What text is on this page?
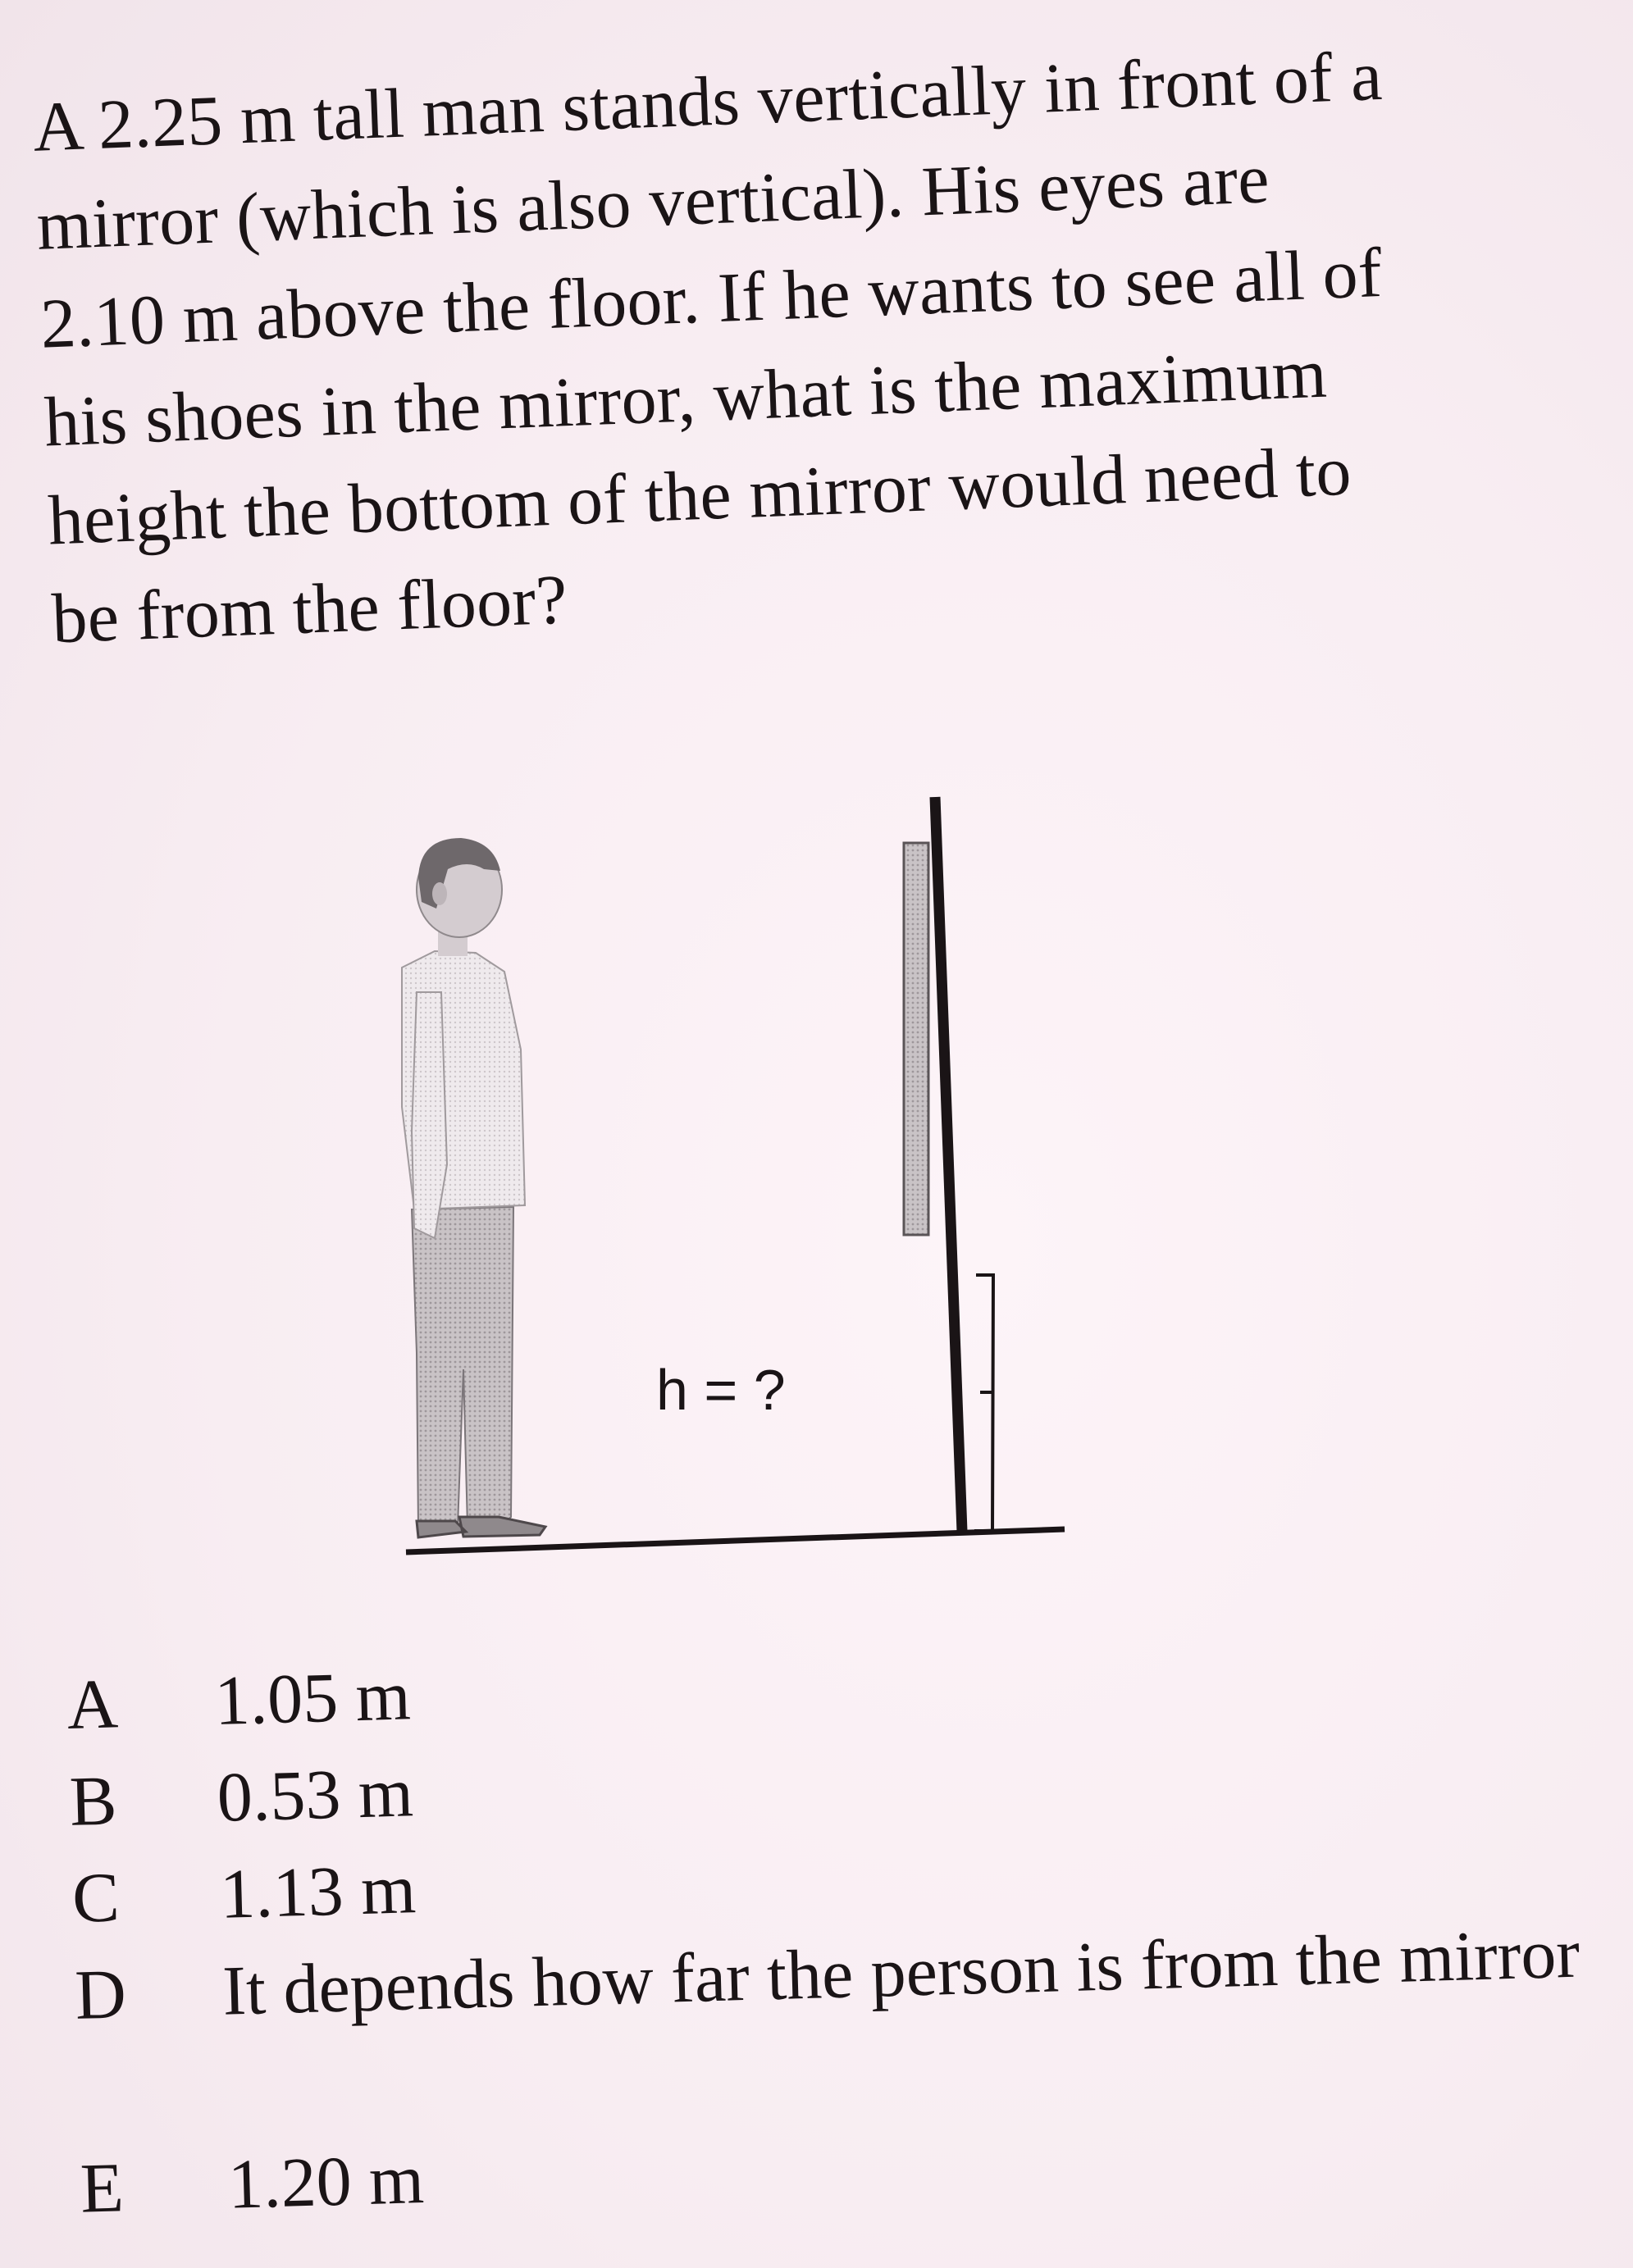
A 2.25 m tall man stands vertically in front of a
mirror (which is also vertical). His eyes are
2.10 m above the floor. If he wants to see all of
his shoes in the mirror, what is the maximum
height the bottom of the mirror would need to
be from the floor?
h = ?
A	1.05 m
B	0.53 m
C	1.13 m
D	It depends how far the person is from the mirror
E	1.20 m
